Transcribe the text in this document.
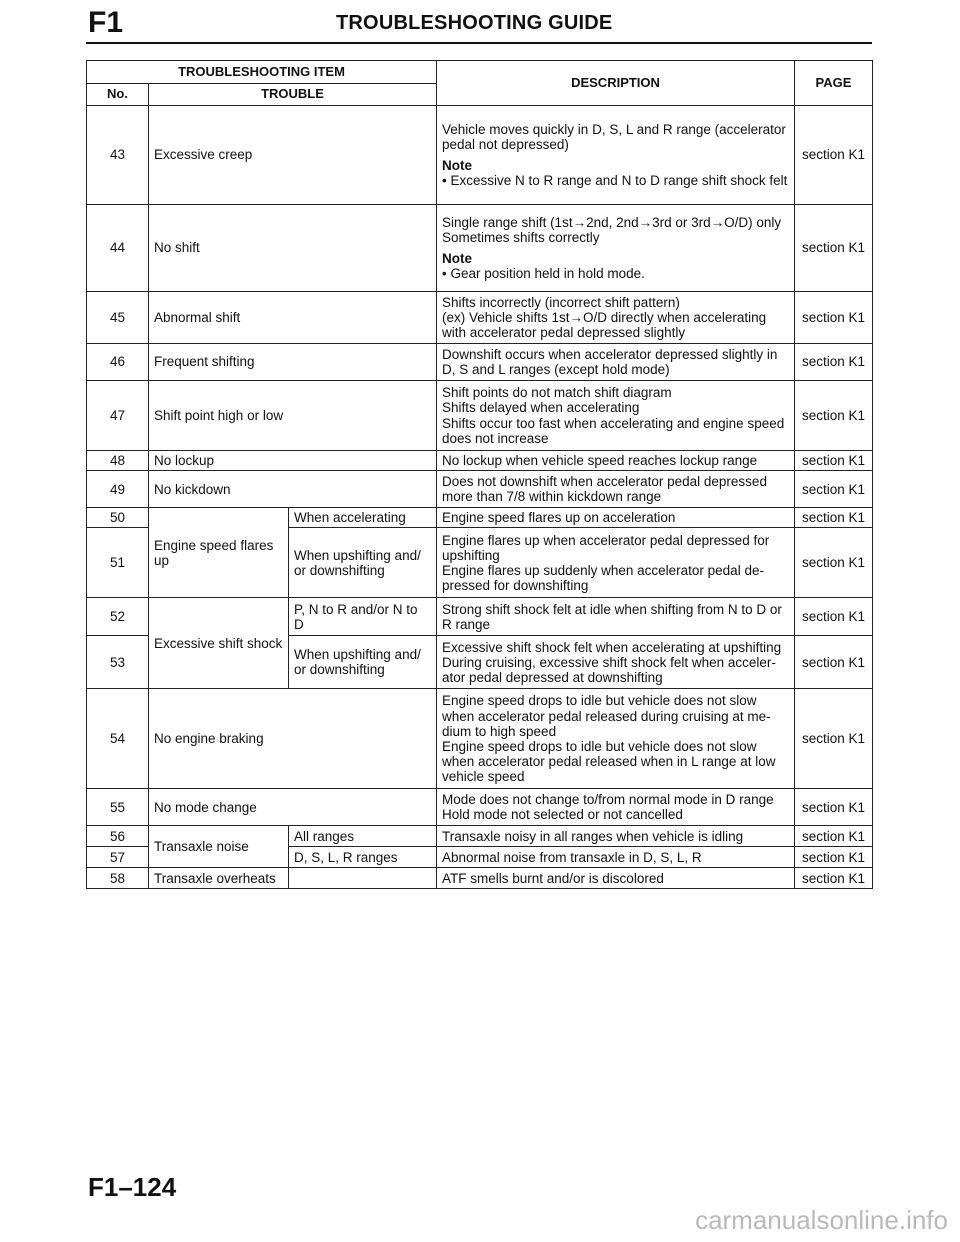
F1	TROUBLESHOOTING GUIDE
TROUBLESHOOTING ITEM			DESCRIPTION	PAGE
No.	TROUBLE			
43	Excessive creep		Vehicle moves quickly in D, S, L and R range (accelerator pedal not depressed)
Note
• Excessive N to R range and N to D range shift shock felt	section K1
44	No shift		Single range shift (1st→2nd, 2nd→3rd or 3rd→O/D) only
Sometimes shifts correctly
Note
• Gear position held in hold mode.	section K1
45	Abnormal shift		Shifts incorrectly (incorrect shift pattern)
(ex) Vehicle shifts 1st→O/D directly when accelerating with accelerator pedal depressed slightly	section K1
46	Frequent shifting		Downshift occurs when accelerator depressed slightly in D, S and L ranges (except hold mode)	section K1
47	Shift point high or low		Shift points do not match shift diagram
Shifts delayed when accelerating
Shifts occur too fast when accelerating and engine speed does not increase	section K1
48	No lockup		No lockup when vehicle speed reaches lockup range	section K1
49	No kickdown		Does not downshift when accelerator pedal depressed more than 7/8 within kickdown range	section K1
50	Engine speed flares up	When accelerating	Engine speed flares up on acceleration	section K1
51		When upshifting and/ or downshifting	Engine flares up when accelerator pedal depressed for upshifting
Engine flares up suddenly when accelerator pedal de- pressed for downshifting	section K1
52	Excessive shift shock	P, N to R and/or N to D	Strong shift shock felt at idle when shifting from N to D or R range	section K1
53		When upshifting and/ or downshifting	Excessive shift shock felt when accelerating at upshifting
During cruising, excessive shift shock felt when acceler- ator pedal depressed at downshifting	section K1
54	No engine braking		Engine speed drops to idle but vehicle does not slow when accelerator pedal released during cruising at me- dium to high speed
Engine speed drops to idle but vehicle does not slow when accelerator pedal released when in L range at low vehicle speed	section K1
55	No mode change		Mode does not change to/from normal mode in D range
Hold mode not selected or not cancelled	section K1
56	Transaxle noise	All ranges	Transaxle noisy in all ranges when vehicle is idling	section K1
57		D, S, L, R ranges	Abnormal noise from transaxle in D, S, L, R	section K1
58	Transaxle overheats		ATF smells burnt and/or is discolored	section K1
F1–124
carmanualsonline.info
